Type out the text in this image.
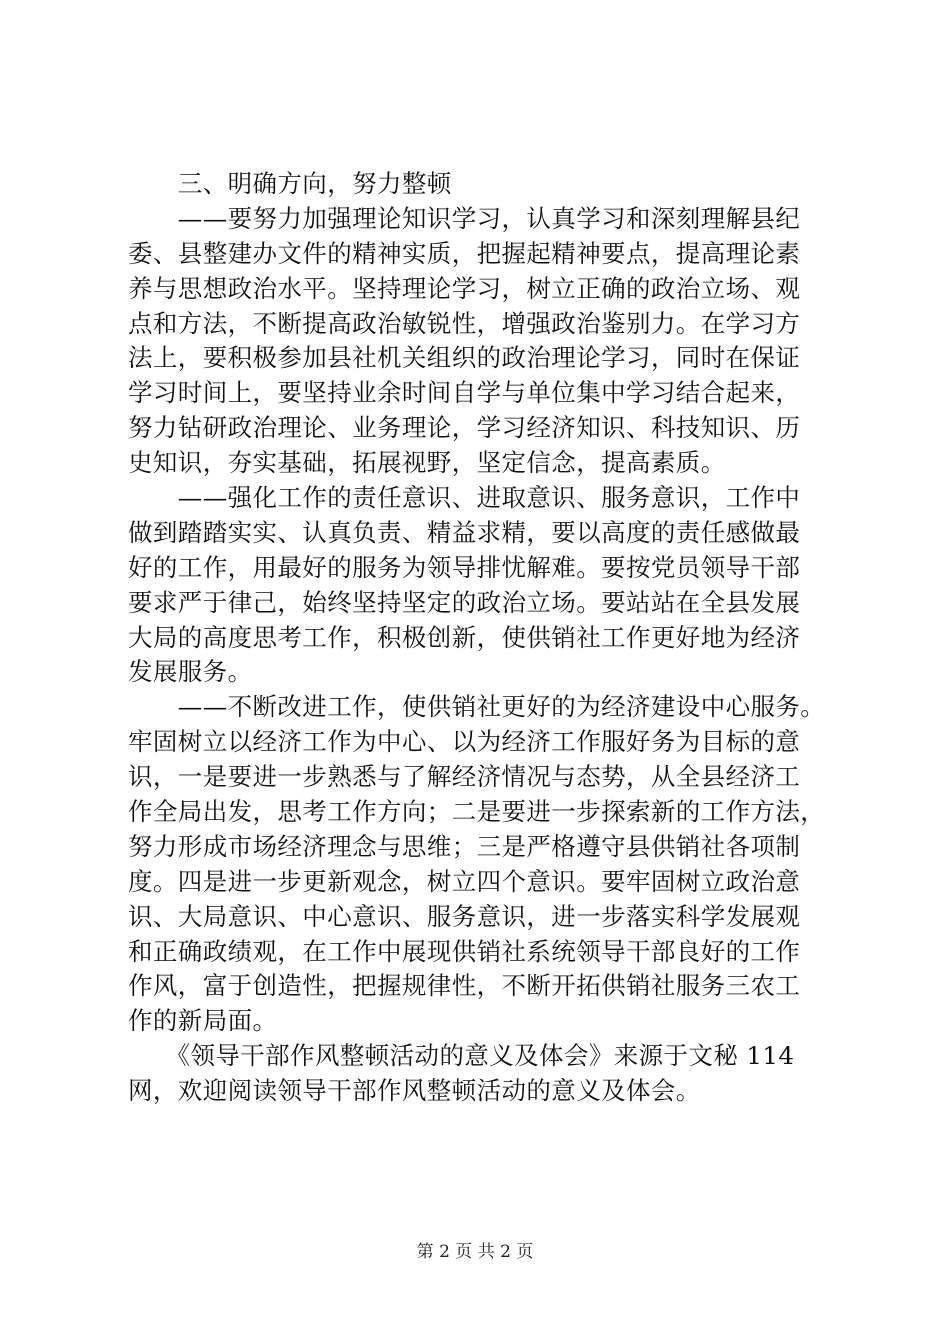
　　三、明确方向，努力整顿
　　——要努力加强理论知识学习，认真学习和深刻理解县纪
委、县整建办文件的精神实质，把握起精神要点，提高理论素
养与思想政治水平。坚持理论学习，树立正确的政治立场、观
点和方法，不断提高政治敏锐性，增强政治鉴别力。在学习方
法上，要积极参加县社机关组织的政治理论学习，同时在保证
学习时间上，要坚持业余时间自学与单位集中学习结合起来，
努力钻研政治理论、业务理论，学习经济知识、科技知识、历
史知识，夯实基础，拓展视野，坚定信念，提高素质。
　　——强化工作的责任意识、进取意识、服务意识，工作中
做到踏踏实实、认真负责、精益求精，要以高度的责任感做最
好的工作，用最好的服务为领导排忧解难。要按党员领导干部
要求严于律己，始终坚持坚定的政治立场。要站站在全县发展
大局的高度思考工作，积极创新，使供销社工作更好地为经济
发展服务。
　　——不断改进工作，使供销社更好的为经济建设中心服务。
牢固树立以经济工作为中心、以为经济工作服好务为目标的意
识，一是要进一步熟悉与了解经济情况与态势，从全县经济工
作全局出发，思考工作方向；二是要进一步探索新的工作方法，
努力形成市场经济理念与思维；三是严格遵守县供销社各项制
度。四是进一步更新观念，树立四个意识。要牢固树立政治意
识、大局意识、中心意识、服务意识，进一步落实科学发展观
和正确政绩观，在工作中展现供销社系统领导干部良好的工作
作风，富于创造性，把握规律性，不断开拓供销社服务三农工
作的新局面。
　　《领导干部作风整顿活动的意义及体会》来源于文秘 114
网，欢迎阅读领导干部作风整顿活动的意义及体会。
第 2 页 共 2 页
